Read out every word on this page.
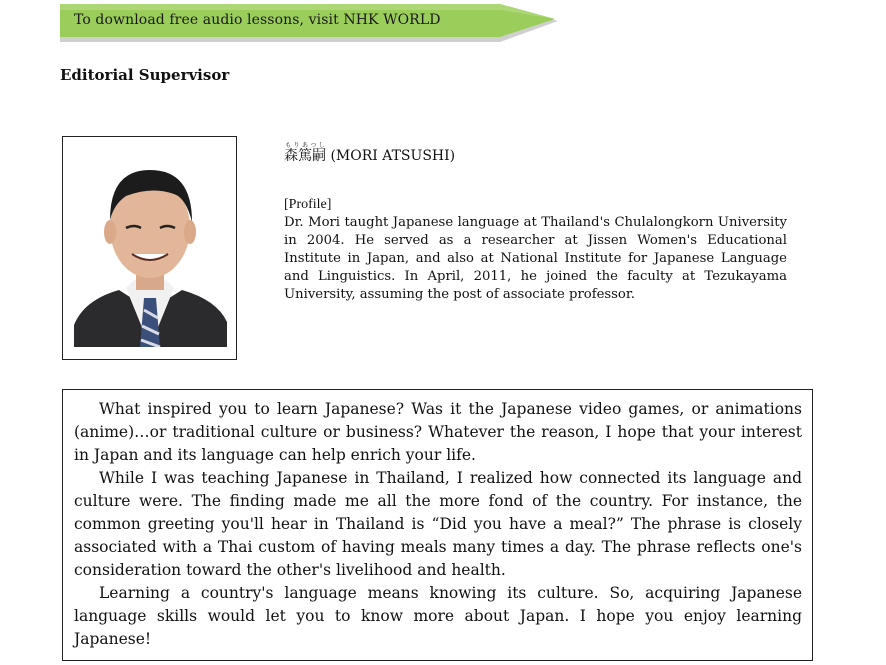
To download free audio lessons, visit NHK WORLD
Editorial Supervisor
森篤嗣もりあつし (MORI ATSUSHI)
[Profile]
Dr. Mori taught Japanese language at Thailand's Chulalongkorn University in 2004. He served as a researcher at Jissen Women's Educational Institute in Japan, and also at National Institute for Japanese Language and Linguistics. In April, 2011, he joined the faculty at Tezukayama University, assuming the post of associate professor.

What inspired you to learn Japanese? Was it the Japanese video games, or animations (anime)…or traditional culture or business? Whatever the reason, I hope that your interest in Japan and its language can help enrich your life.

While I was teaching Japanese in Thailand, I realized how connected its language and culture were. The finding made me all the more fond of the country. For instance, the common greeting you'll hear in Thailand is “Did you have a meal?” The phrase is closely associated with a Thai custom of having meals many times a day. The phrase reflects one's consideration toward the other's livelihood and health.

Learning a country's language means knowing its culture. So, acquiring Japanese language skills would let you to know more about Japan. I hope you enjoy learning Japanese!
